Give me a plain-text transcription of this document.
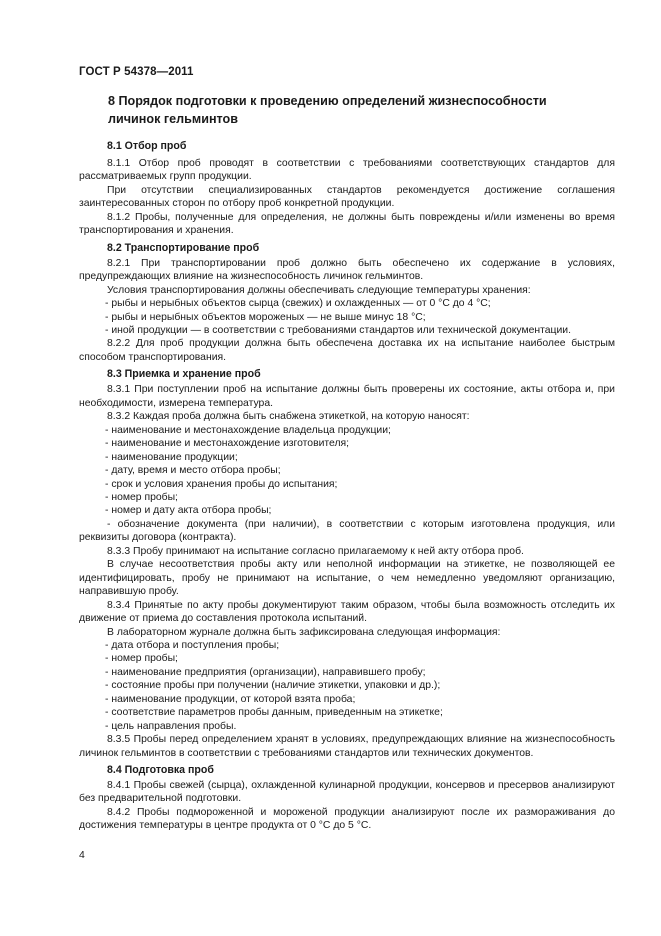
ГОСТ Р 54378—2011
8 Порядок подготовки к проведению определений жизнеспособности личинок гельминтов

8.1 Отбор проб

8.1.1 Отбор проб проводят в соответствии с требованиями соответствующих стандартов для рассматриваемых групп продукции.

При отсутствии специализированных стандартов рекомендуется достижение соглашения заинтересованных сторон по отбору проб конкретной продукции.

8.1.2 Пробы, полученные для определения, не должны быть повреждены и/или изменены во время транспортирования и хранения.

8.2 Транспортирование проб

8.2.1 При транспортировании проб должно быть обеспечено их содержание в условиях, предупреждающих влияние на жизнеспособность личинок гельминтов.

Условия транспортирования должны обеспечивать следующие температуры хранения:

- рыбы и нерыбных объектов сырца (свежих) и охлажденных — от 0 °С до 4 °С;

- рыбы и нерыбных объектов мороженых — не выше минус 18 °С;

- иной продукции — в соответствии с требованиями стандартов или технической документации.

8.2.2 Для проб продукции должна быть обеспечена доставка их на испытание наиболее быстрым способом транспортирования.

8.3 Приемка и хранение проб

8.3.1 При поступлении проб на испытание должны быть проверены их состояние, акты отбора и, при необходимости, измерена температура.

8.3.2 Каждая проба должна быть снабжена этикеткой, на которую наносят:

- наименование и местонахождение владельца продукции;

- наименование и местонахождение изготовителя;

- наименование продукции;

- дату, время и место отбора пробы;

- срок и условия хранения пробы до испытания;

- номер пробы;

- номер и дату акта отбора пробы;

- обозначение документа (при наличии), в соответствии с которым изготовлена продукция, или реквизиты договора (контракта).

8.3.3 Пробу принимают на испытание согласно прилагаемому к ней акту отбора проб.

В случае несоответствия пробы акту или неполной информации на этикетке, не позволяющей ее идентифицировать, пробу не принимают на испытание, о чем немедленно уведомляют организацию, направившую пробу.

8.3.4 Принятые по акту пробы документируют таким образом, чтобы была возможность отследить их движение от приема до составления протокола испытаний.

В лабораторном журнале должна быть зафиксирована следующая информация:

- дата отбора и поступления пробы;

- номер пробы;

- наименование предприятия (организации), направившего пробу;

- состояние пробы при получении (наличие этикетки, упаковки и др.);

- наименование продукции, от которой взята проба;

- соответствие параметров пробы данным, приведенным на этикетке;

- цель направления пробы.

8.3.5 Пробы перед определением хранят в условиях, предупреждающих влияние на жизнеспособность личинок гельминтов в соответствии с требованиями стандартов или технических документов.

8.4 Подготовка проб

8.4.1 Пробы свежей (сырца), охлажденной кулинарной продукции, консервов и пресервов анализируют без предварительной подготовки.

8.4.2 Пробы подмороженной и мороженой продукции анализируют после их размораживания до достижения температуры в центре продукта от 0 °С до 5 °С.

4
